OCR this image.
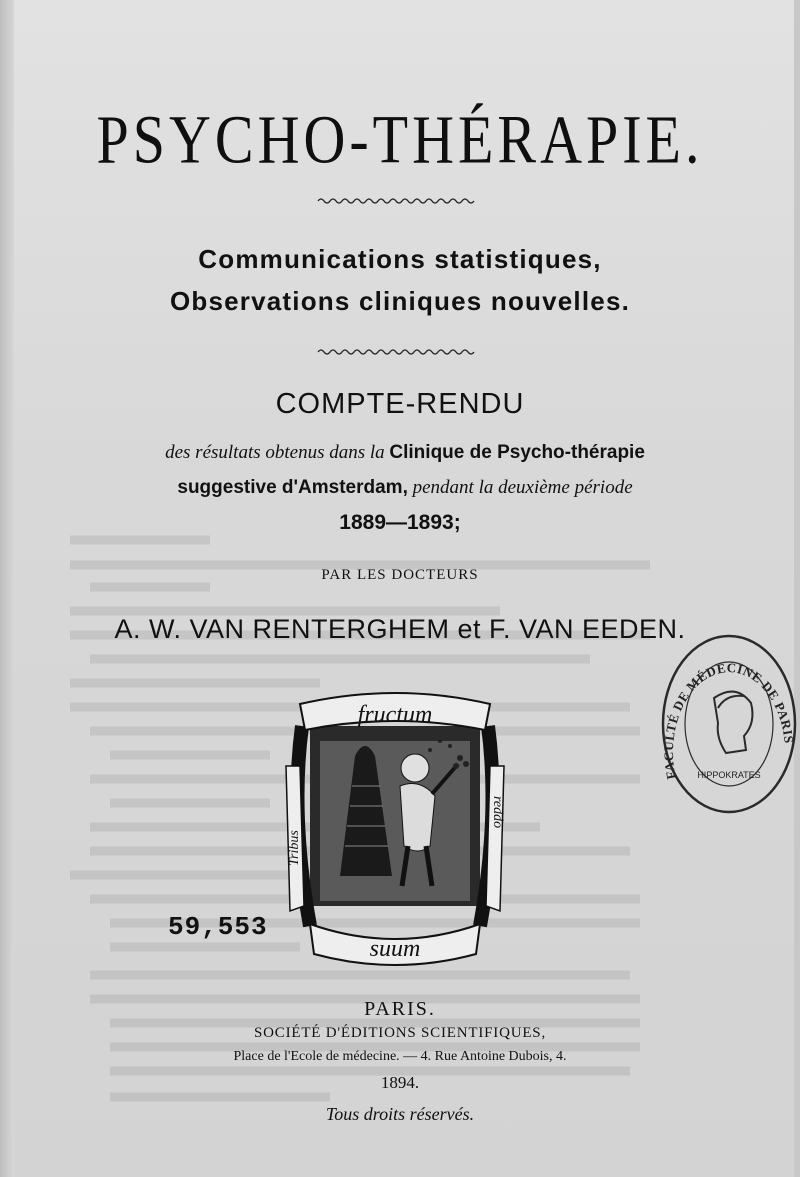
PSYCHO-THÉRAPIE.
Communications statistiques,
Observations cliniques nouvelles.
COMPTE-RENDU
des résultats obtenus dans la Clinique de Psycho-thérapie
suggestive d'Amsterdam, pendant la deuxième période
1889—1893;
PAR LES DOCTEURS
A. W. VAN RENTERGHEM et F. VAN EEDEN.
fructum
suum
Tribus
reddo
59,553
FACULTÉ DE MÉDECINE DE PARIS
HIPPOKRATES
PARIS.
SOCIÉTÉ D'ÉDITIONS SCIENTIFIQUES,
Place de l'Ecole de médecine. — 4. Rue Antoine Dubois, 4.
1894.
Tous droits réservés.
